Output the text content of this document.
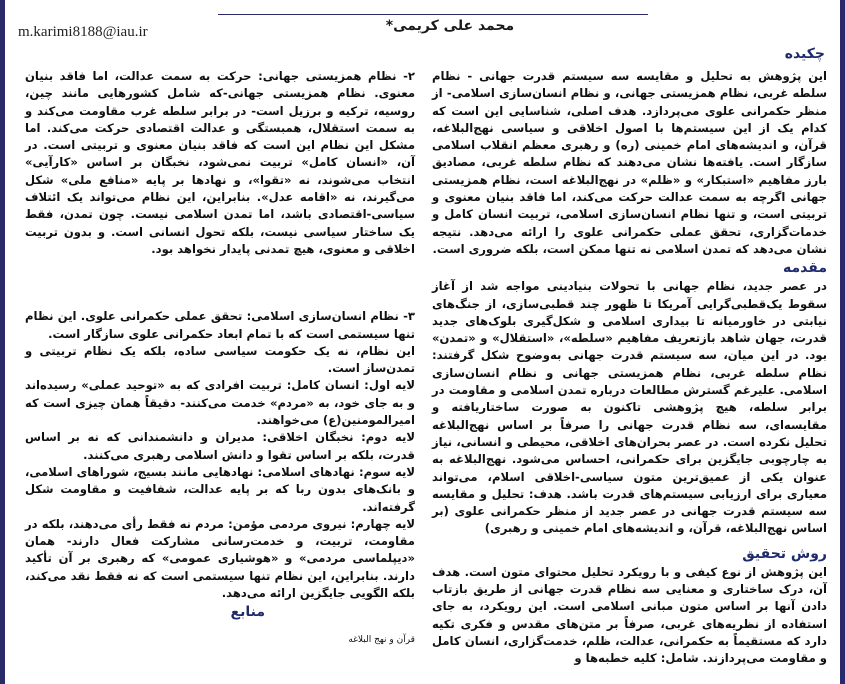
محمد علی کریمی*
m.karimi8188@iau.ir
چکیده

این پژوهش به تحلیل و مقایسه سه سیستم قدرت جهانی - نظام سلطه غربی، نظام همزیستی جهانی، و نظام انسان‌سازی اسلامی- از منظر حکمرانی علوی می‌پردازد. هدف اصلی، شناسایی این است که کدام یک از این سیستم‌ها با اصول اخلاقی و سیاسی نهج‌البلاغه، قرآن، و اندیشه‌های امام خمینی (ره) و رهبری معظم انقلاب اسلامی سازگار است. یافته‌ها نشان می‌دهند که نظام سلطه غربی، مصادیق بارز مفاهیم «استبکار» و «ظلم» در نهج‌البلاغه است، نظام همزیستی جهانی اگرچه به سمت عدالت حرکت می‌کند، اما فاقد بنیان معنوی و تربیتی است، و تنها نظام انسان‌سازی اسلامی، تربیت انسان کامل و خدمات‌گزاری، تحقق عملی حکمرانی علوی را ارائه می‌دهد. نتیجه نشان می‌دهد که تمدن اسلامی نه تنها ممکن است، بلکه ضروری است.

مقدمه

در عصر جدید، نظام جهانی با تحولات بنیادینی مواجه شد از آغاز سقوط یک‌قطبی‌گرایی آمریکا تا ظهور چند قطبی‌سازی، از جنگ‌های نیابتی در خاورمیانه تا بیداری اسلامی و شکل‌گیری بلوک‌های جدید قدرت، جهان شاهد بازتعریف مفاهیم «سلطه»، «استقلال» و «تمدن» بود. در این میان، سه سیستم قدرت جهانی به‌وضوح شکل گرفتند: نظام سلطه غربی، نظام همزیستی جهانی و نظام انسان‌سازی اسلامی. علیرغم گسترش مطالعات درباره تمدن اسلامی و مقاومت در برابر سلطه، هیچ پژوهشی تاکنون به صورت ساختاریافته و مقایسه‌ای، سه نظام قدرت جهانی را صرفاً بر اساس نهج‌البلاغه تحلیل نکرده است. در عصر بحران‌های اخلاقی، محیطی و انسانی، نیاز به چارچوبی جایگزین برای حکمرانی، احساس می‌شود. نهج‌البلاغه به عنوان یکی از عمیق‌ترین متون سیاسی-اخلاقی اسلام، می‌تواند معیاری برای ارزیابی سیستم‌های قدرت باشد. هدف: تحلیل و مقایسه سه سیستم قدرت جهانی در عصر جدید از منظر حکمرانی علوی (بر اساس نهج‌البلاغه، قرآن، و اندیشه‌های امام خمینی و رهبری)

روش تحقیق

این پژوهش از نوع کیفی و با رویکرد تحلیل محتوای متون است. هدف آن، درک ساختاری و معنایی سه نظام قدرت جهانی از طریق بازتاب دادن آنها بر اساس متون مبانی اسلامی است. این رویکرد، به جای استفاده از نظریه‌های غربی، صرفاً بر متن‌های مقدس و فکری تکیه دارد که مستقیماً به حکمرانی، عدالت، ظلم، خدمت‌گزاری، انسان کامل و مقاومت می‌پردازند. شامل: کلیه خطبه‌ها و

۲- نظام همزیستی جهانی: حرکت به سمت عدالت، اما فاقد بنیان معنوی. نظام همزیستی جهانی-که شامل کشورهایی مانند چین، روسیه، ترکیه و برزیل است- در برابر سلطه غرب مقاومت می‌کند و به سمت استقلال، همبستگی و عدالت اقتصادی حرکت می‌کند. اما مشکل این نظام این است که فاقد بنیان معنوی و تربیتی است. در آن، «انسان کامل» تربیت نمی‌شود، نخبگان بر اساس «کارآیی» انتخاب می‌شوند، نه «تقوا»، و نهادها بر پایه «منافع ملی» شکل می‌گیرند، نه «اقامه عدل». بنابراین، این نظام می‌تواند یک ائتلاف سیاسی-اقتصادی باشد، اما تمدن اسلامی نیست. چون تمدن، فقط یک ساختار سیاسی نیست، بلکه تحول انسانی است. و بدون تربیت اخلاقی و معنوی، هیچ تمدنی پایدار نخواهد بود.

۳- نظام انسان‌سازی اسلامی: تحقق عملی حکمرانی علوی. این نظام تنها سیستمی است که با تمام ابعاد حکمرانی علوی سازگار است.

این نظام، نه یک حکومت سیاسی ساده، بلکه یک نظام تربیتی و تمدن‌ساز است.

لایه اول: انسان کامل: تربیت افرادی که به «توحید عملی» رسیده‌اند و به جای خود، به «مردم» خدمت می‌کنند- دقیقاً همان چیزی است که امیرالمومنین(ع) می‌خواهند.

لایه دوم: نخبگان اخلاقی: مدیران و دانشمندانی که نه بر اساس قدرت، بلکه بر اساس تقوا و دانش اسلامی رهبری می‌کنند.

لایه سوم: نهادهای اسلامی: نهادهایی مانند بسیج، شوراهای اسلامی، و بانک‌های بدون ربا که بر پایه عدالت، شفافیت و مقاومت شکل گرفته‌اند.

لایه چهارم: نیروی مردمی مؤمن: مردم نه فقط رأی می‌دهند، بلکه در مقاومت، تربیت، و خدمت‌رسانی مشارکت فعال دارند- همان «دیپلماسی مردمی» و «هوشیاری عمومی» که رهبری بر آن تأکید دارند. بنابراین، این نظام تنها سیستمی است که نه فقط نقد می‌کند، بلکه الگویی جایگزین ارائه می‌دهد.

منابع

قرآن و نهج البلاغه
